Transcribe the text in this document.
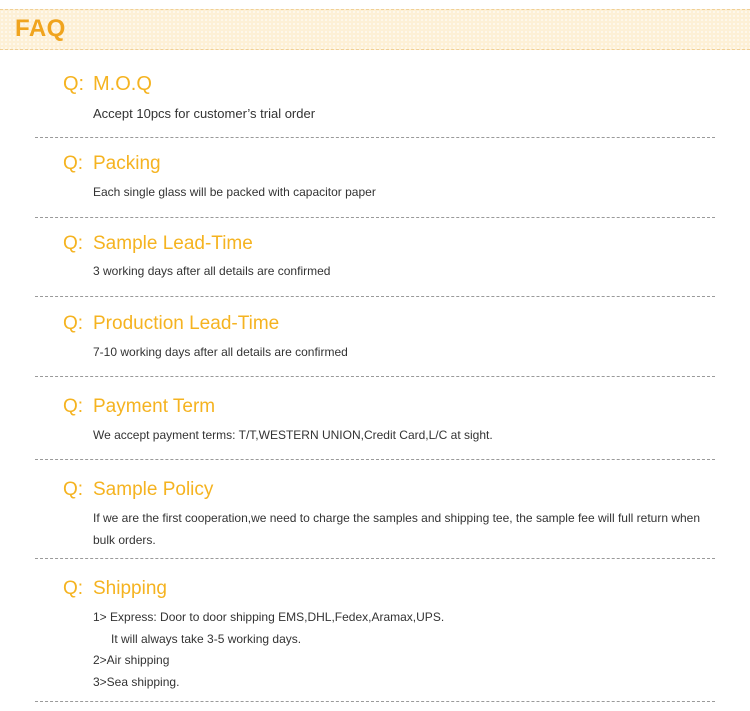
FAQ
Q: M.O.Q
Accept 10pcs for customer’s trial order
Q: Packing
Each single glass will be packed with capacitor paper
Q: Sample Lead-Time
3 working days after all details are confirmed
Q: Production Lead-Time
7-10 working days after all details are confirmed
Q: Payment Term
We accept payment terms: T/T,WESTERN UNION,Credit Card,L/C at sight.
Q: Sample Policy
If we are the first cooperation,we need to charge the samples and shipping tee, the sample fee will full return when bulk orders.
Q: Shipping
1> Express: Door to door shipping EMS,DHL,Fedex,Aramax,UPS.
It will always take 3-5 working days.
2>Air shipping
3>Sea shipping.
